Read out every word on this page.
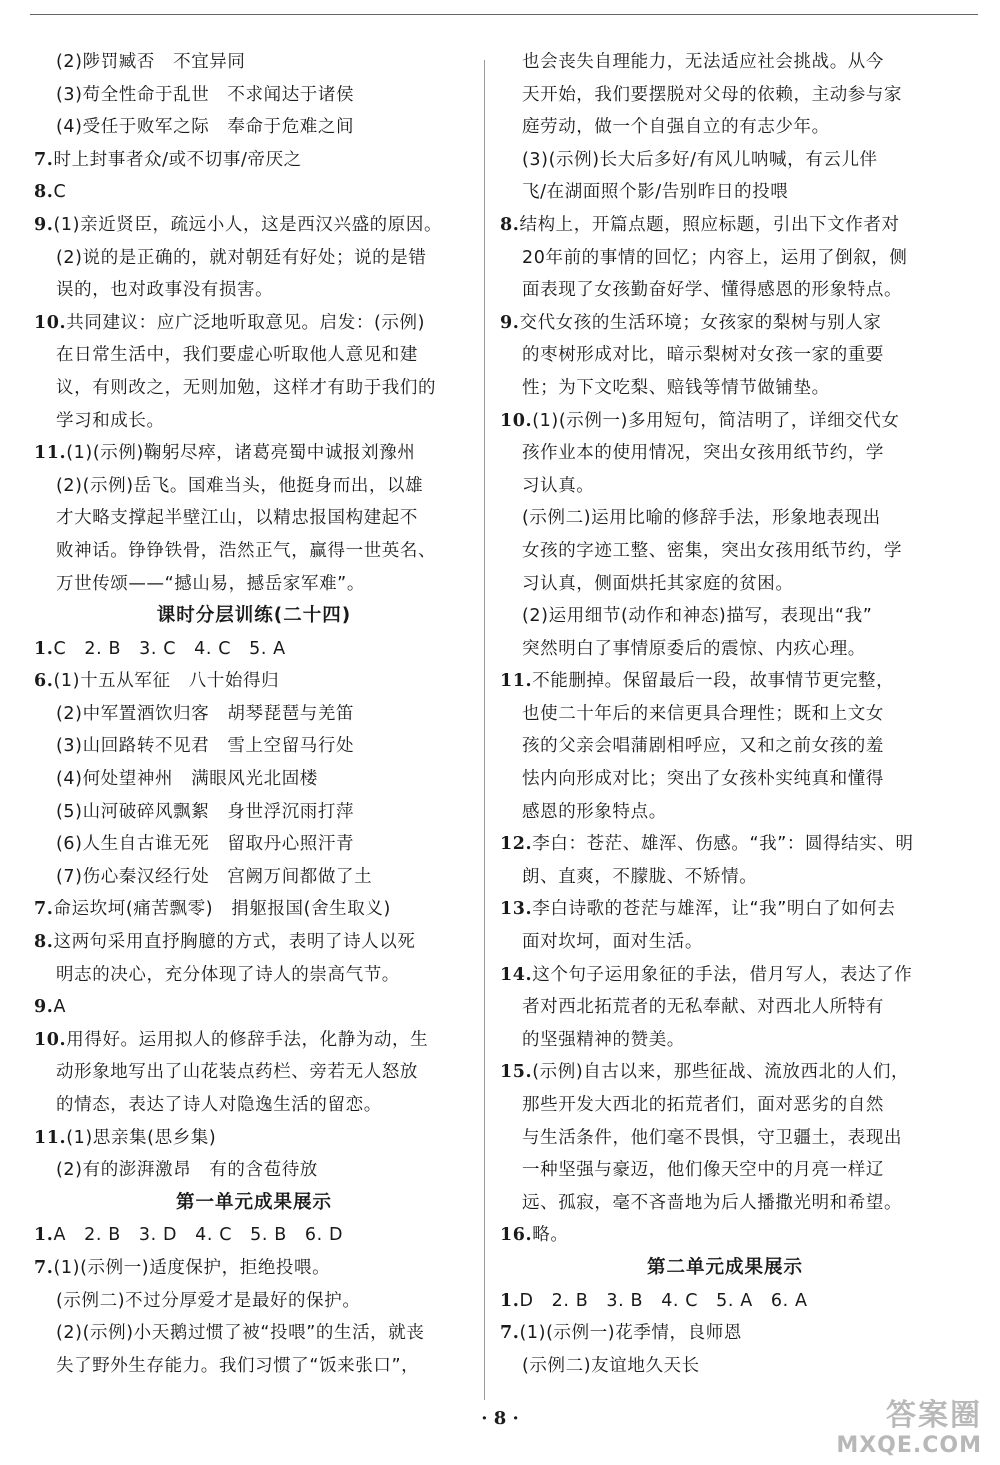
(2)陟罚臧否　不宜异同
(3)苟全性命于乱世　不求闻达于诸侯
(4)受任于败军之际　奉命于危难之间
7.时上封事者众/或不切事/帝厌之
8.C
9.(1)亲近贤臣，疏远小人，这是西汉兴盛的原因。
(2)说的是正确的，就对朝廷有好处；说的是错
误的，也对政事没有损害。
10.共同建议：应广泛地听取意见。启发：(示例)
在日常生活中，我们要虚心听取他人意见和建
议，有则改之，无则加勉，这样才有助于我们的
学习和成长。
11.(1)(示例)鞠躬尽瘁，诸葛亮蜀中诚报刘豫州
(2)(示例)岳飞。国难当头，他挺身而出，以雄
才大略支撑起半壁江山，以精忠报国构建起不
败神话。铮铮铁骨，浩然正气，赢得一世英名、
万世传颂——“撼山易，撼岳家军难”。
课时分层训练(二十四)
1.C　2. B　3. C　4. C　5. A
6.(1)十五从军征　八十始得归
(2)中军置酒饮归客　胡琴琵琶与羌笛
(3)山回路转不见君　雪上空留马行处
(4)何处望神州　满眼风光北固楼
(5)山河破碎风飘絮　身世浮沉雨打萍
(6)人生自古谁无死　留取丹心照汗青
(7)伤心秦汉经行处　宫阙万间都做了土
7.命运坎坷(痛苦飘零)　捐躯报国(舍生取义)
8.这两句采用直抒胸臆的方式，表明了诗人以死
明志的决心，充分体现了诗人的崇高气节。
9.A
10.用得好。运用拟人的修辞手法，化静为动，生
动形象地写出了山花装点药栏、旁若无人怒放
的情态，表达了诗人对隐逸生活的留恋。
11.(1)思亲集(思乡集)
(2)有的澎湃激昂　有的含苞待放
第一单元成果展示
1.A　2. B　3. D　4. C　5. B　6. D
7.(1)(示例一)适度保护，拒绝投喂。
(示例二)不过分厚爱才是最好的保护。
(2)(示例)小天鹅过惯了被“投喂”的生活，就丧
失了野外生存能力。我们习惯了“饭来张口”，
也会丧失自理能力，无法适应社会挑战。从今
天开始，我们要摆脱对父母的依赖，主动参与家
庭劳动，做一个自强自立的有志少年。
(3)(示例)长大后多好/有风儿呐喊，有云儿伴
飞/在湖面照个影/告别昨日的投喂
8.结构上，开篇点题，照应标题，引出下文作者对
20年前的事情的回忆；内容上，运用了倒叙，侧
面表现了女孩勤奋好学、懂得感恩的形象特点。
9.交代女孩的生活环境；女孩家的梨树与别人家
的枣树形成对比，暗示梨树对女孩一家的重要
性；为下文吃梨、赔钱等情节做铺垫。
10.(1)(示例一)多用短句，简洁明了，详细交代女
孩作业本的使用情况，突出女孩用纸节约，学
习认真。
(示例二)运用比喻的修辞手法，形象地表现出
女孩的字迹工整、密集，突出女孩用纸节约，学
习认真，侧面烘托其家庭的贫困。
(2)运用细节(动作和神态)描写，表现出“我”
突然明白了事情原委后的震惊、内疚心理。
11.不能删掉。保留最后一段，故事情节更完整，
也使二十年后的来信更具合理性；既和上文女
孩的父亲会唱蒲剧相呼应，又和之前女孩的羞
怯内向形成对比；突出了女孩朴实纯真和懂得
感恩的形象特点。
12.李白：苍茫、雄浑、伤感。“我”：圆得结实、明
朗、直爽，不朦胧、不矫情。
13.李白诗歌的苍茫与雄浑，让“我”明白了如何去
面对坎坷，面对生活。
14.这个句子运用象征的手法，借月写人，表达了作
者对西北拓荒者的无私奉献、对西北人所特有
的坚强精神的赞美。
15.(示例)自古以来，那些征战、流放西北的人们，
那些开发大西北的拓荒者们，面对恶劣的自然
与生活条件，他们毫不畏惧，守卫疆土，表现出
一种坚强与豪迈，他们像天空中的月亮一样辽
远、孤寂，毫不吝啬地为后人播撒光明和希望。
16.略。
第二单元成果展示
1.D　2. B　3. B　4. C　5. A　6. A
7.(1)(示例一)花季情，良师恩
(示例二)友谊地久天长
· 8 ·	答案圈
MXQE.COM
